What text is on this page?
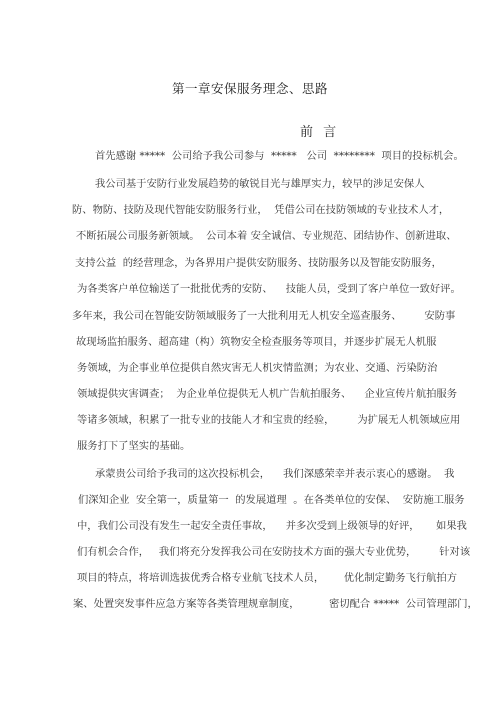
第一章安保服务理念、思路
前 言
首先感谢 *****  公司给予我公司参与  *****   公司  ********  项目的投标机会。
我公司基于安防行业发展趋势的敏锐目光与雄厚实力，较早的涉足安保人
防、物防、技防及现代智能安防服务行业，  凭借公司在技防领域的专业技术人才，
不断拓展公司服务新领域。  公司本着 安全诚信、专业规范、团结协作、创新进取、
支持公益  的经营理念，为各界用户提供安防服务、技防服务以及智能安防服务，
为各类客户单位输送了一批批优秀的安防、    技能人员，受到了客户单位一致好评。
多年来，我公司在智能安防领域服务了一大批利用无人机安全巡查服务、       安防事
故现场监拍服务、超高建（构）筑物安全检查服务等项目，并逐步扩展无人机服
务领域，为企事业单位提供自然灾害无人机灾情监测；为农业、交通、污染防治
领域提供灾害调查；  为企业单位提供无人机广告航拍服务、    企业宣传片航拍服务
等诸多领域，积累了一批专业的技能人才和宝贵的经验，       为扩展无人机领域应用
服务打下了坚实的基础。
承蒙贵公司给予我司的这次投标机会，    我们深感荣幸并表示衷心的感谢。  我
们深知企业  安全第一，质量第一  的发展道理  。在各类单位的安保、  安防施工服务
中，我们公司没有发生一起安全责任事故，    并多次受到上级领导的好评，     如果我
们有机会合作，   我们将充分发挥我公司在安防技术方面的强大专业优势，       针对该
项目的特点，将培训选拔优秀合格专业航飞技术人员，      优化制定勤务飞行航拍方
案、处置突发事件应急方案等各类管理规章制度，         密切配合 *****  公司管理部门，
